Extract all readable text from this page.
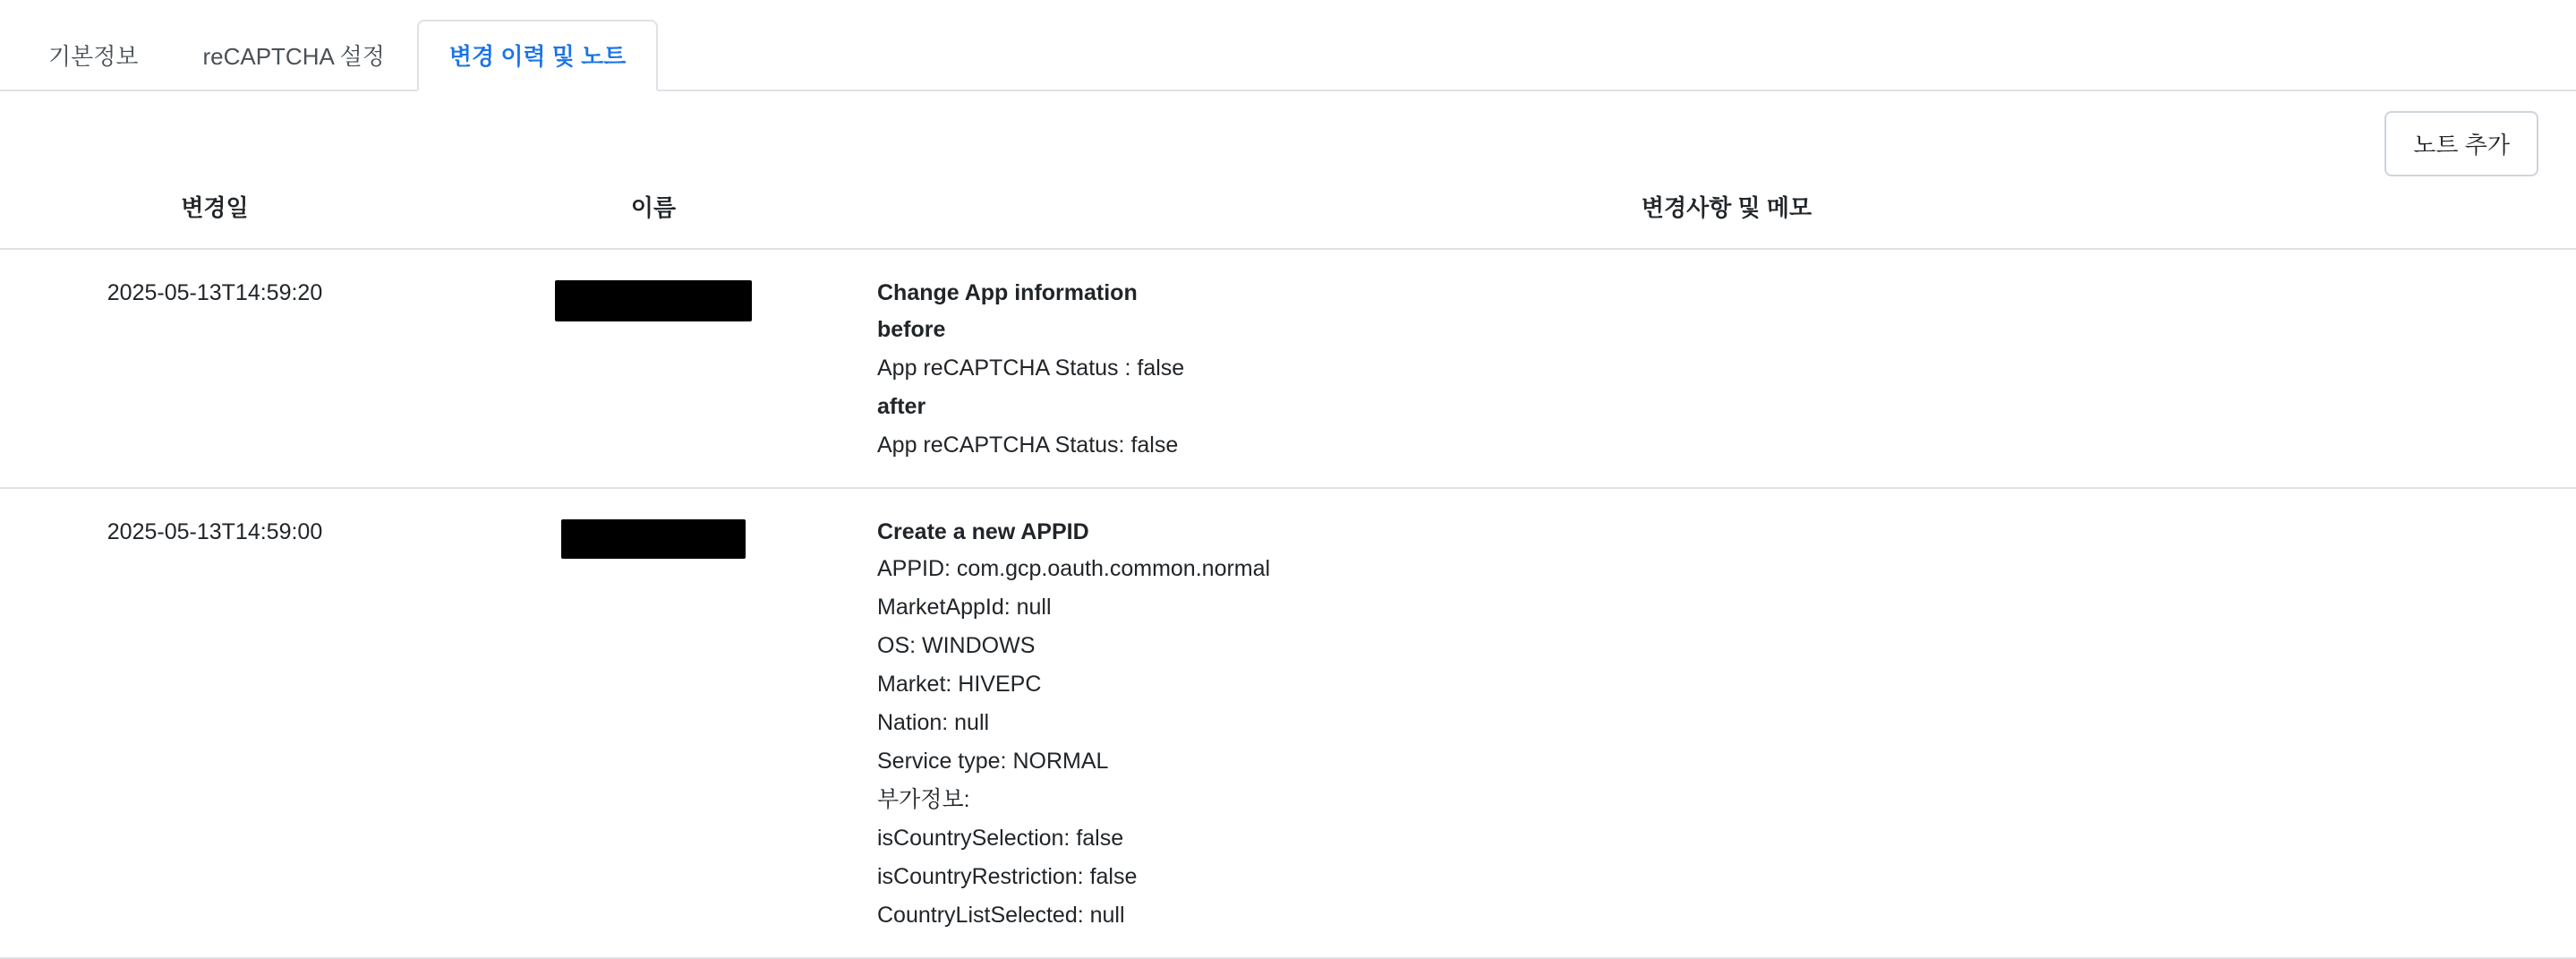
기본정보	reCAPTCHA 설정	변경 이력 및 노트
노트 추가
변경일	이름	변경사항 및 메모
2025-05-13T14:59:20		Change App information
before
App reCAPTCHA Status : false
after
App reCAPTCHA Status: false

2025-05-13T14:59:00		Create a new APPID
APPID: com.gcp.oauth.common.normal
MarketAppId: null
OS: WINDOWS
Market: HIVEPC
Nation: null
Service type: NORMAL
부가정보:
isCountrySelection: false
isCountryRestriction: false
CountryListSelected: null
